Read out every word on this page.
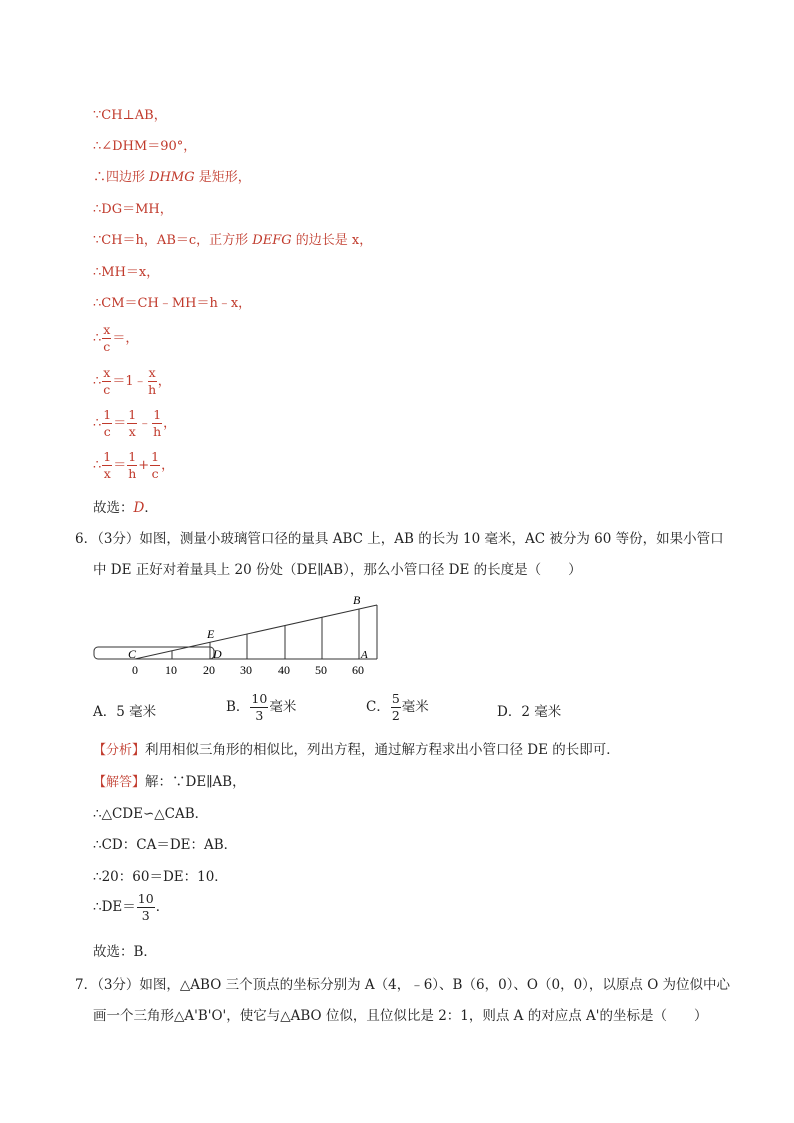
∵CH⊥AB，
∴∠DHM＝90°，
∴四边形 DHMG 是矩形，
∴DG＝MH，
∵CH＝h，AB＝c，正方形 DEFG 的边长是 x，
∴MH＝x，
∴CM＝CH﹣MH＝h﹣x，
∴ $\frac{x}{c}$ ＝，
∴ $\frac{x}{c}$ ＝1﹣ $\frac{x}{h}$ ，
∴ $\frac{1}{c} = \frac{1}{x}$ ﹣ $\frac{1}{h}$ ，
∴ $\frac{1}{x} = \frac{1}{h} + \frac{1}{c}$ ，
故选：D．
6．（3分）如图，测量小玻璃管口径的量具 ABC 上，AB 的长为 10 毫米，AC 被分为 60 等份，如果小管口
中 DE 正好对着量具上 20 份处（DE∥AB），那么小管口径 DE 的长度是（　　）
B
E
C	D	A
0 10 20 30 40 50 60
A．5 毫米	B． $\frac{10}{3}$ 毫米	C． $\frac{5}{2}$ 毫米	D．2 毫米
【分析】利用相似三角形的相似比，列出方程，通过解方程求出小管口径 DE 的长即可．
【解答】解：∵DE∥AB，
∴△CDE∽△CAB．
∴CD：CA＝DE：AB．
∴20：60＝DE：10．
∴DE＝ $\frac{10}{3}$ ．
故选：B．
7．（3分）如图，△ABO 三个顶点的坐标分别为 A（4，﹣6）、B（6，0）、O（0，0），以原点 O 为位似中心
画一个三角形△A'B'O'，使它与△ABO 位似，且位似比是 2：1，则点 A 的对应点 A'的坐标是（　　）
